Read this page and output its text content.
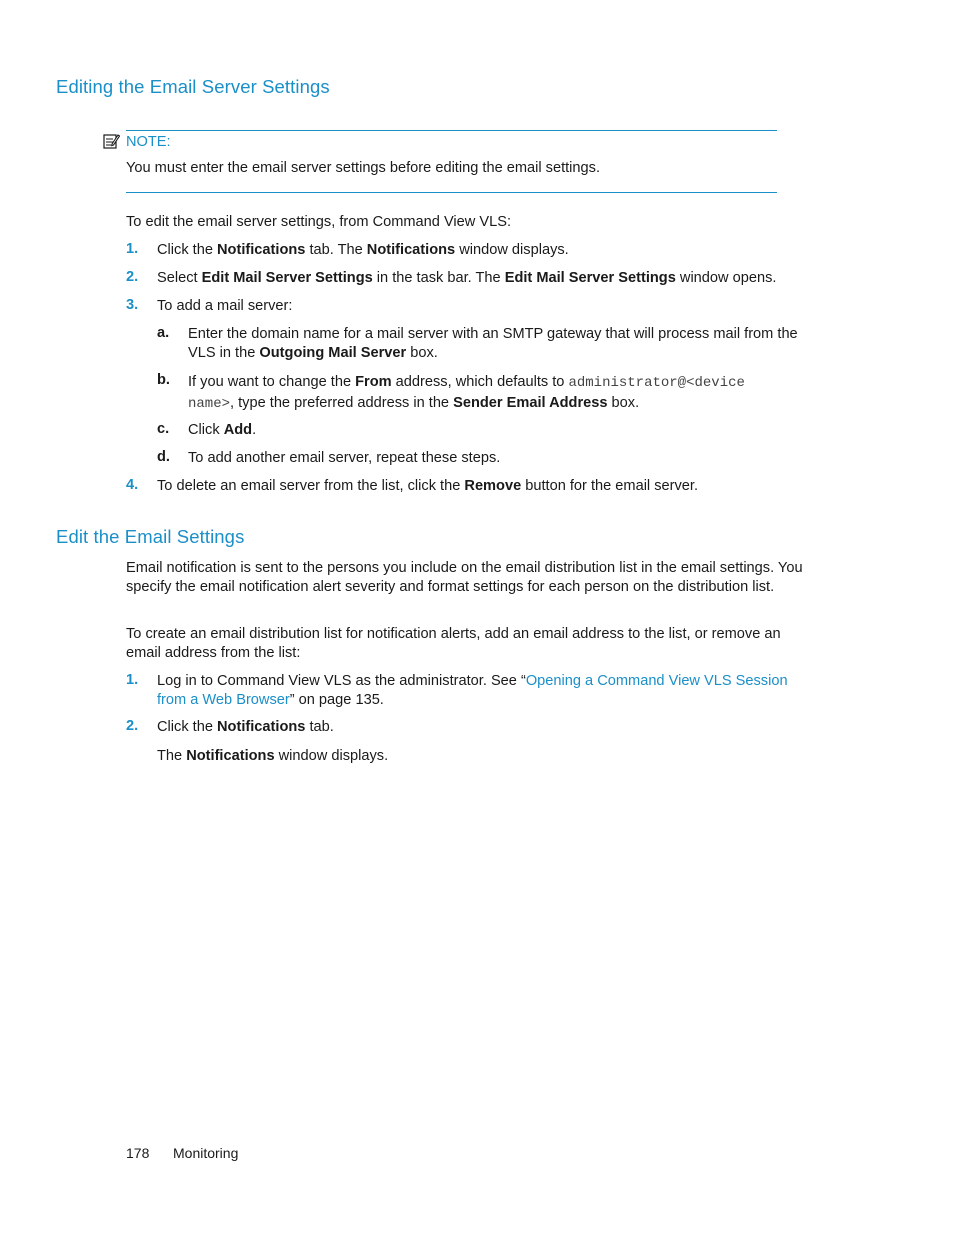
Editing the Email Server Settings
NOTE:
You must enter the email server settings before editing the email settings.
To edit the email server settings, from Command View VLS:
1. Click the Notifications tab. The Notifications window displays.
2. Select Edit Mail Server Settings in the task bar. The Edit Mail Server Settings window opens.
3. To add a mail server:
a. Enter the domain name for a mail server with an SMTP gateway that will process mail from the VLS in the Outgoing Mail Server box.
b. If you want to change the From address, which defaults to administrator@<device
name>, type the preferred address in the Sender Email Address box.
c. Click Add.
d. To add another email server, repeat these steps.
4. To delete an email server from the list, click the Remove button for the email server.
Edit the Email Settings
Email notification is sent to the persons you include on the email distribution list in the email settings. You specify the email notification alert severity and format settings for each person on the distribution list.
To create an email distribution list for notification alerts, add an email address to the list, or remove an email address from the list:
1. Log in to Command View VLS as the administrator. See “Opening a Command View VLS Session from a Web Browser” on page 135.
2. Click the Notifications tab.
The Notifications window displays.
178 Monitoring
